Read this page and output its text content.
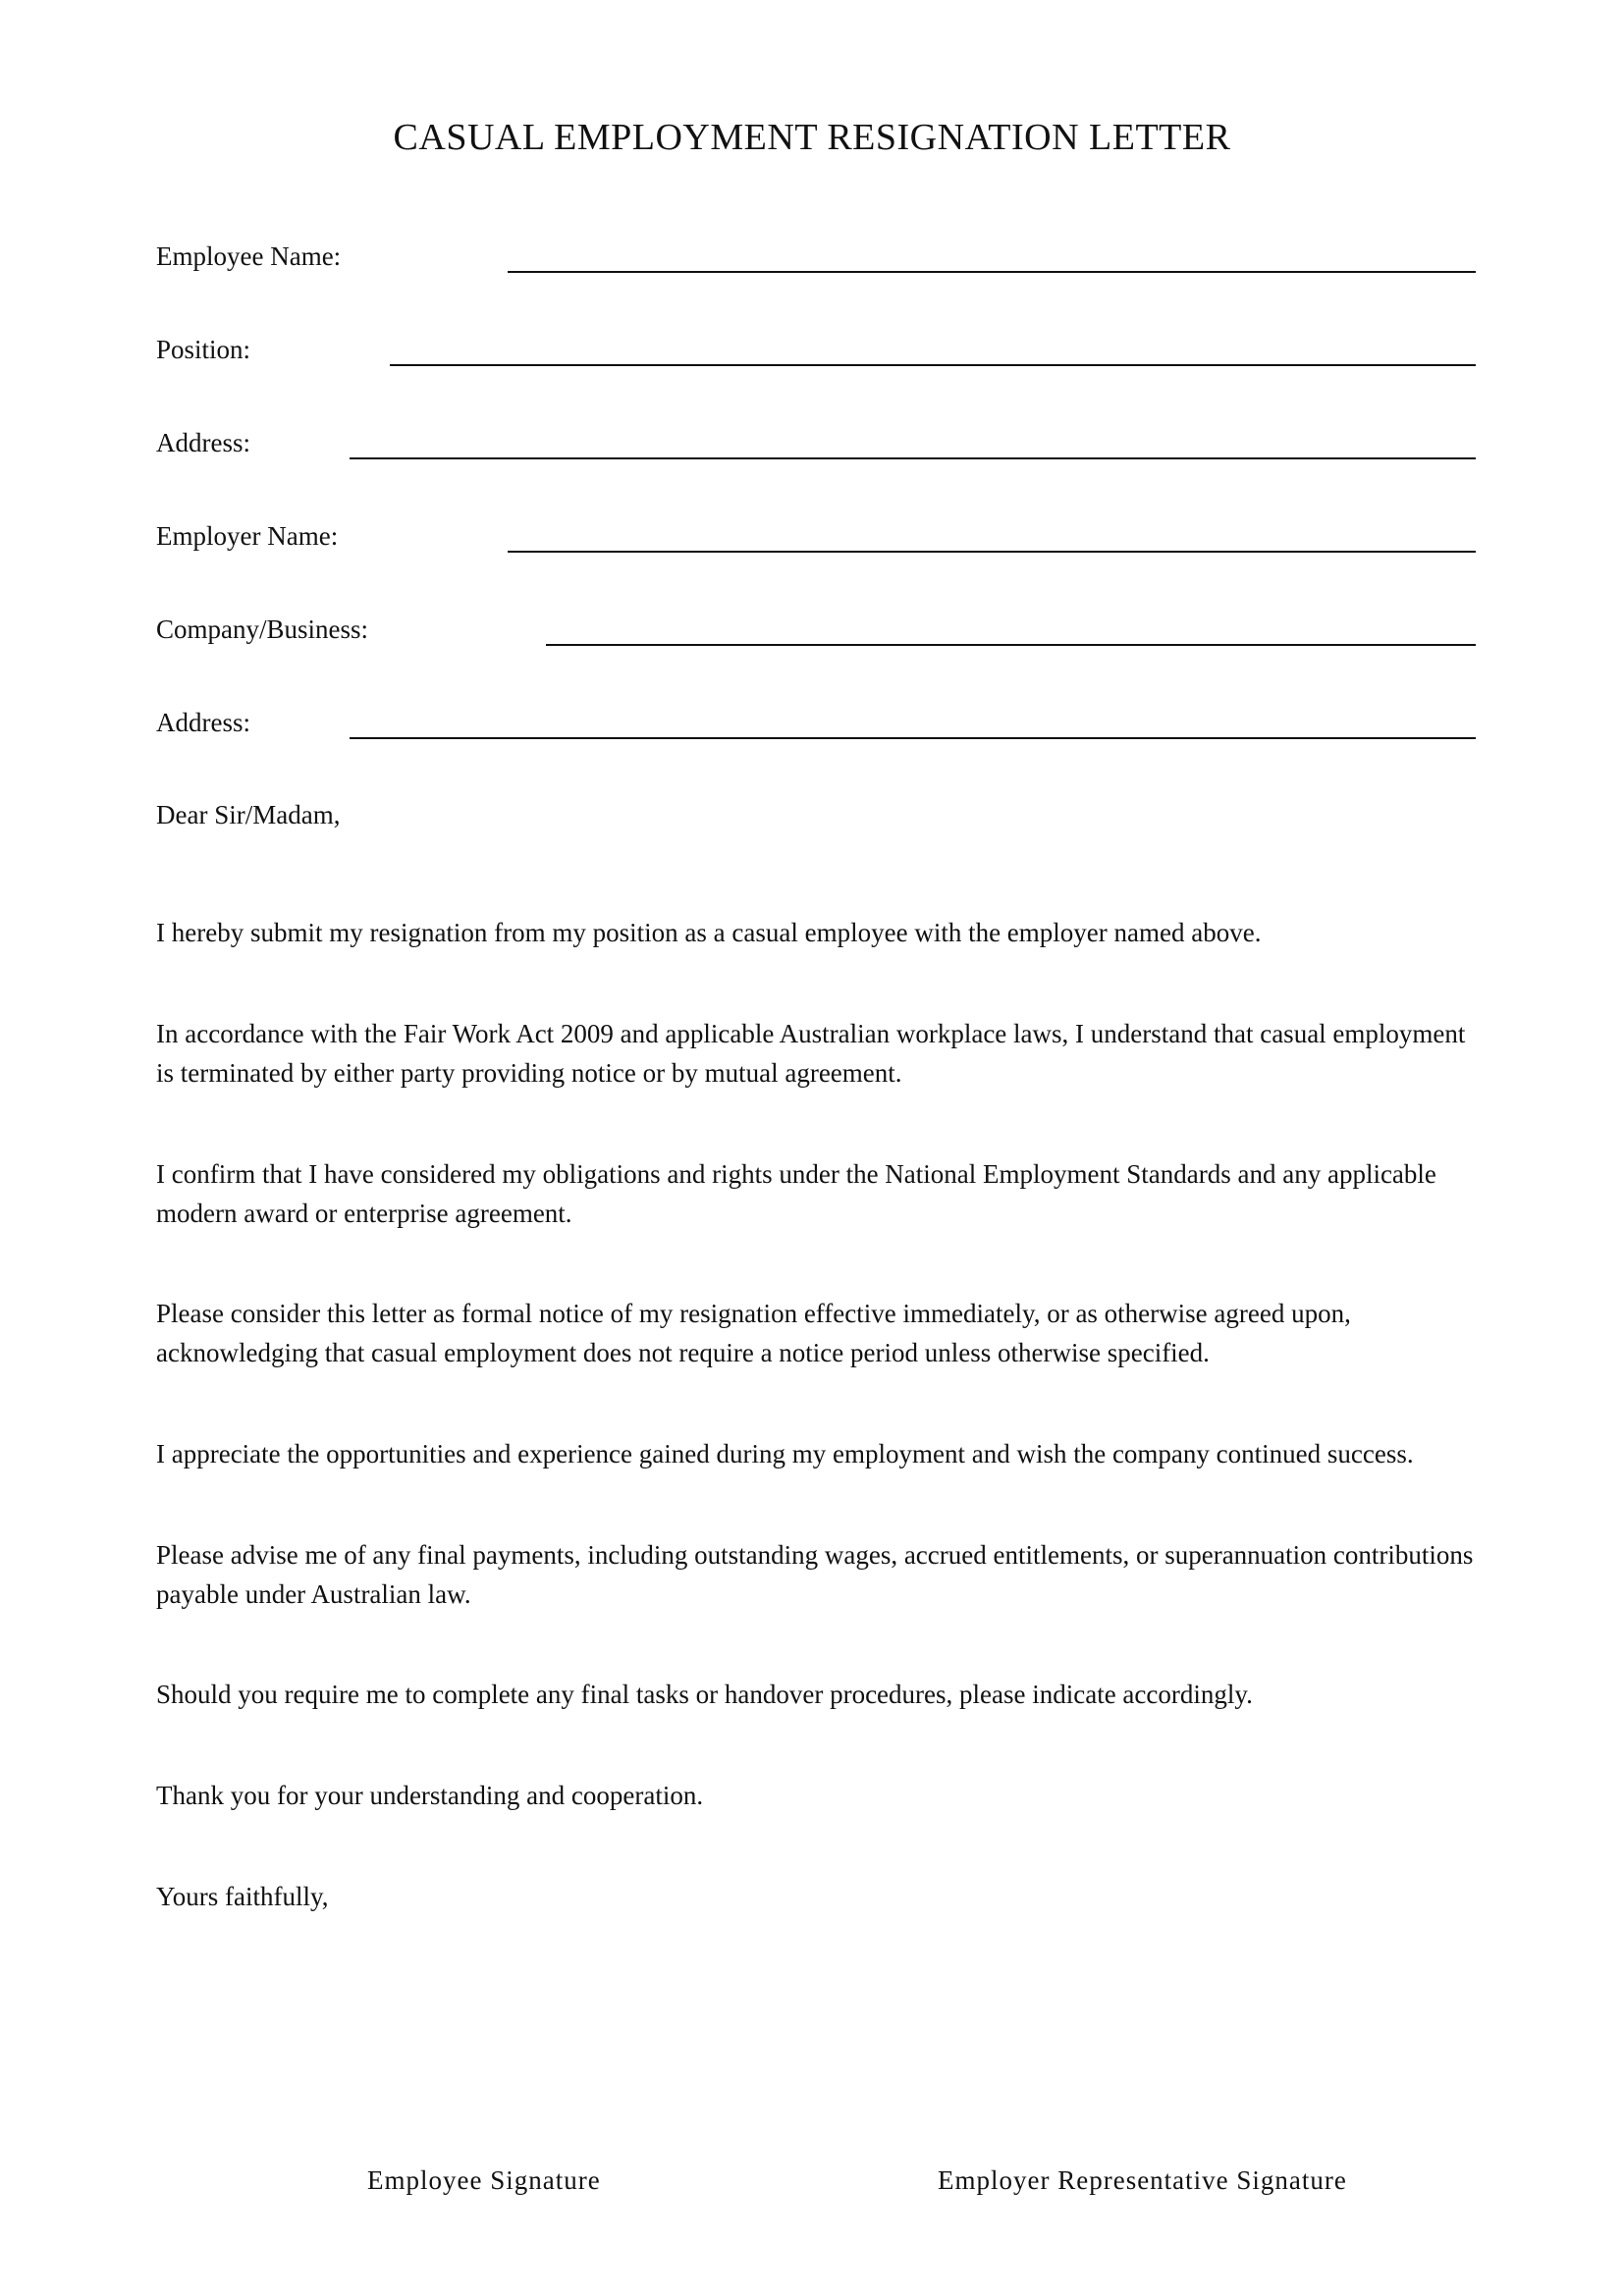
CASUAL EMPLOYMENT RESIGNATION LETTER
Employee Name:
Position:
Address:
Employer Name:
Company/Business:
Address:

Dear Sir/Madam,

I hereby submit my resignation from my position as a casual employee with the employer named above.

In accordance with the Fair Work Act 2009 and applicable Australian workplace laws, I understand that casual employment is terminated by either party providing notice or by mutual agreement.

I confirm that I have considered my obligations and rights under the National Employment Standards and any applicable modern award or enterprise agreement.

Please consider this letter as formal notice of my resignation effective immediately, or as otherwise agreed upon, acknowledging that casual employment does not require a notice period unless otherwise specified.

I appreciate the opportunities and experience gained during my employment and wish the company continued success.

Please advise me of any final payments, including outstanding wages, accrued entitlements, or superannuation contributions payable under Australian law.

Should you require me to complete any final tasks or handover procedures, please indicate accordingly.

Thank you for your understanding and cooperation.

Yours faithfully,

Employee Signature	Employer Representative Signature
